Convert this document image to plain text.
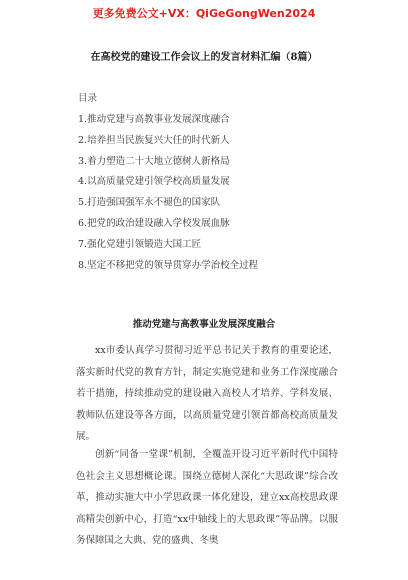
更多免费公文+VX：QiGeGongWen2024
在高校党的建设工作会议上的发言材料汇编（8篇）
目录
1.推动党建与高教事业发展深度融合
2.培养担当民族复兴大任的时代新人
3.着力塑造二十大地立德树人新格局
4.以高质量党建引领学校高质量发展
5.打造强国强军永不褪色的国家队
6.把党的政治建设融入学校发展血脉
7.强化党建引领锻造大国工匠
8.坚定不移把党的领导贯穿办学治校全过程
推动党建与高教事业发展深度融合

xx市委认真学习贯彻习近平总书记关于教育的重要论述，落实新时代党的教育方针，制定实施党建和业务工作深度融合若干措施，持续推动党的建设融入高校人才培养、学科发展、教师队伍建设等各方面，以高质量党建引领首都高校高质量发展。

创新“同备一堂课”机制，全覆盖开设习近平新时代中国特色社会主义思想概论课。围绕立德树人深化“大思政课”综合改革，推动实施大中小学思政课一体化建设，建立xx高校思政课高精尖创新中心，打造“xx中轴线上的大思政课”等品牌。以服务保障国之大典、党的盛典、冬奥
